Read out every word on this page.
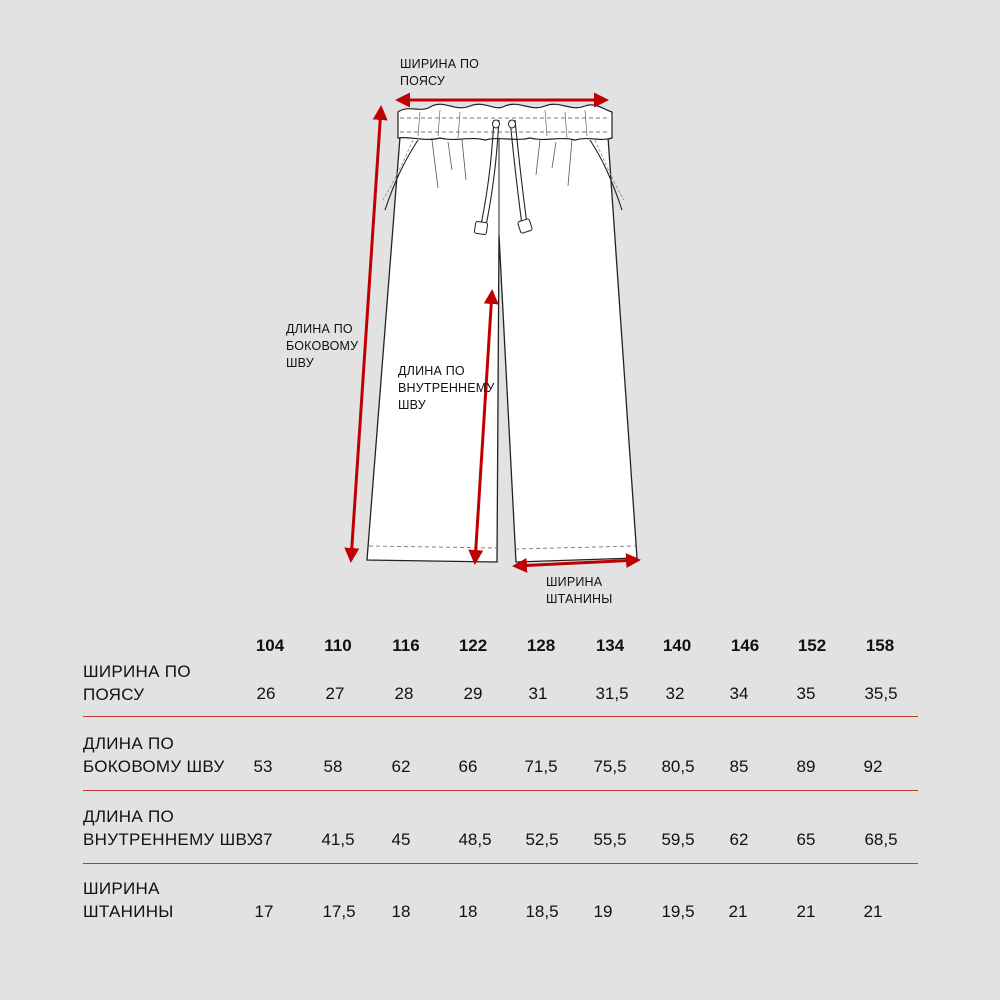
ШИРИНА ПО
ПОЯСУ
ДЛИНА ПО
БОКОВОМУ
ШВУ
ДЛИНА ПО
ВНУТРЕННЕМУ
ШВУ
ШИРИНА
ШТАНИНЫ
104 110 116 122 128 134 140 146 152 158
ШИРИНА ПО
ПОЯСУ	26	27	28	29	31	31,5 32	34	35	35,5
ДЛИНА ПО
БОКОВОМУ ШВУ 53	58	62	66	71,5 75,5 80,5 85	89	92
ДЛИНА ПО
ВНУТРЕННЕМУ ШВУ
37	41,5 45	48,5 52,5 55,5 59,5 62	65	68,5
ШИРИНА
ШТАНИНЫ	17	17,5 18	18	18,5 19	19,5 21	21	21
